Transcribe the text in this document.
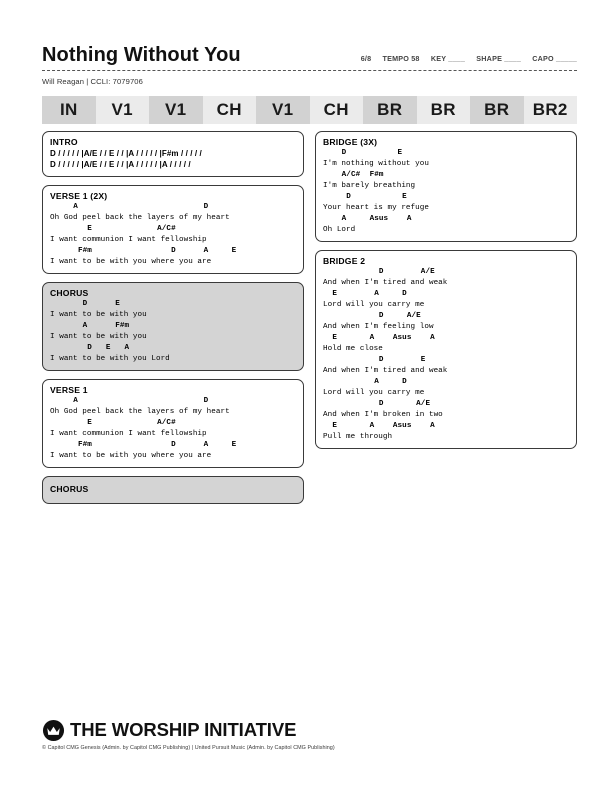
Nothing Without You	6/8 TEMPO 58 KEY ____ SHAPE ____ CAPO _____
Will Reagan | CCLI: 7079706
IN	V1	V1	CH	V1	CH	BR	BR	BR	BR2
INTRO
D / / / / / |A/E / / E / / |A / / / / / |F#m / / / / /
D / / / / / |A/E / / E / / |A / / / / / |A / / / / /
VERSE 1 (2X)
A                           D
Oh God peel back the layers of my heart
E              A/C#
I want communion I want fellowship
F#m                 D      A     E
I want to be with you where you are
CHORUS
D      E
I want to be with you
A      F#m
I want to be with you
D   E   A
I want to be with you Lord
VERSE 1
A                           D
Oh God peel back the layers of my heart
E              A/C#
I want communion I want fellowship
F#m                 D      A     E
I want to be with you where you are
CHORUS
BRIDGE (3X)
D           E
I'm nothing without you
A/C#  F#m
I'm barely breathing
D           E
Your heart is my refuge
A     Asus    A
Oh Lord
BRIDGE 2
D        A/E
And when I'm tired and weak
E        A     D
Lord will you carry me
D     A/E
And when I'm feeling low
E       A    Asus    A
Hold me close
D        E
And when I'm tired and weak
A     D
Lord will you carry me
D       A/E
And when I'm broken in two
E       A    Asus    A
Pull me through
THE WORSHIP INITIATIVE
© Capitol CMG Genesis (Admin. by Capitol CMG Publishing) | United Pursuit Music (Admin. by Capitol CMG Publishing)
